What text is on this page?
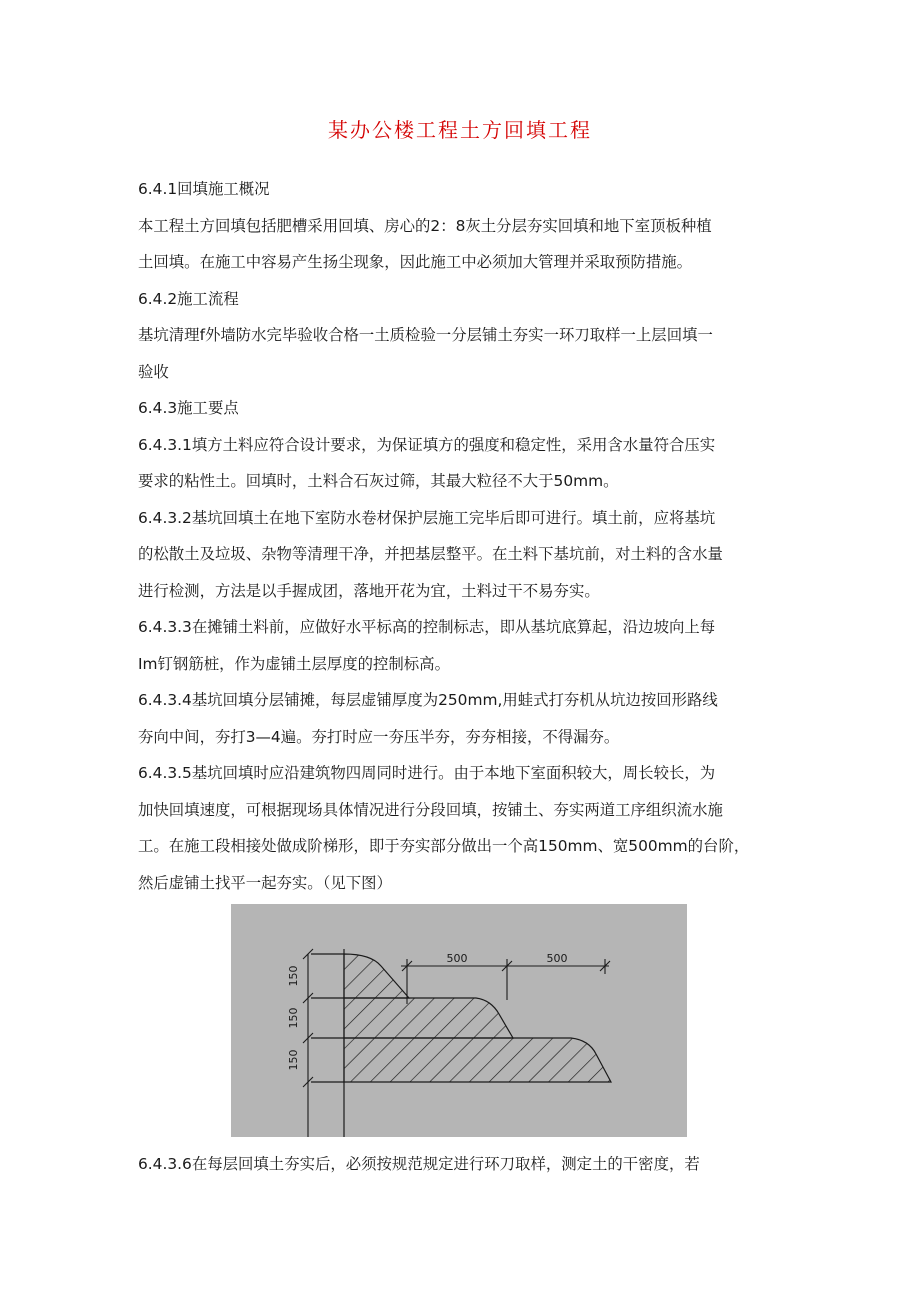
某办公楼工程土方回填工程
6.4.1回填施工概况
本工程土方回填包括肥槽采用回填、房心的2：8灰土分层夯实回填和地下室顶板种植
土回填。在施工中容易产生扬尘现象，因此施工中必须加大管理并采取预防措施。
6.4.2施工流程
基坑清理f外墙防水完毕验收合格一土质检验一分层铺土夯实一环刀取样一上层回填一
验收
6.4.3施工要点
6.4.3.1填方土料应符合设计要求，为保证填方的强度和稳定性，采用含水量符合压实
要求的粘性土。回填时，土料合石灰过筛，其最大粒径不大于50mm。
6.4.3.2基坑回填土在地下室防水卷材保护层施工完毕后即可进行。填土前，应将基坑
的松散土及垃圾、杂物等清理干净，并把基层整平。在土料下基坑前，对土料的含水量
进行检测，方法是以手握成团，落地开花为宜，土料过干不易夯实。
6.4.3.3在摊铺土料前，应做好水平标高的控制标志，即从基坑底算起，沿边坡向上每
Im钉钢筋桩，作为虚铺土层厚度的控制标高。
6.4.3.4基坑回填分层铺摊，每层虚铺厚度为250mm,用蛙式打夯机从坑边按回形路线
夯向中间，夯打3—4遍。夯打时应一夯压半夯，夯夯相接，不得漏夯。
6.4.3.5基坑回填时应沿建筑物四周同时进行。由于本地下室面积较大，周长较长，为
加快回填速度，可根据现场具体情况进行分段回填，按铺土、夯实两道工序组织流水施
工。在施工段相接处做成阶梯形，即于夯实部分做出一个高150mm、宽500mm的台阶，
然后虚铺土找平一起夯实。（见下图）
150
150
150
500	500
6.4.3.6在每层回填土夯实后，必须按规范规定进行环刀取样，测定土的干密度，若
